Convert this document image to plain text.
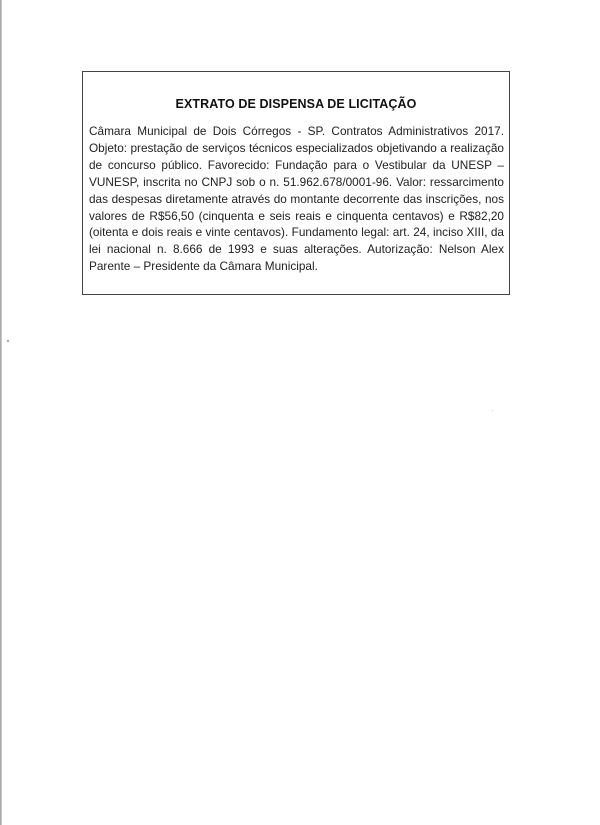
EXTRATO DE DISPENSA DE LICITAÇÃO

Câmara Municipal de Dois Córregos - SP. Contratos Administrativos 2017. Objeto: prestação de serviços técnicos especializados objetivando a realização de concurso público. Favorecido: Fundação para o Vestibular da UNESP – VUNESP, inscrita no CNPJ sob o n. 51.962.678/0001-96. Valor: ressarcimento das despesas diretamente através do montante decorrente das inscrições, nos valores de R$56,50 (cinquenta e seis reais e cinquenta centavos) e R$82,20 (oitenta e dois reais e vinte centavos). Fundamento legal: art. 24, inciso XIII, da lei nacional n. 8.666 de 1993 e suas alterações. Autorização: Nelson Alex Parente – Presidente da Câmara Municipal.
